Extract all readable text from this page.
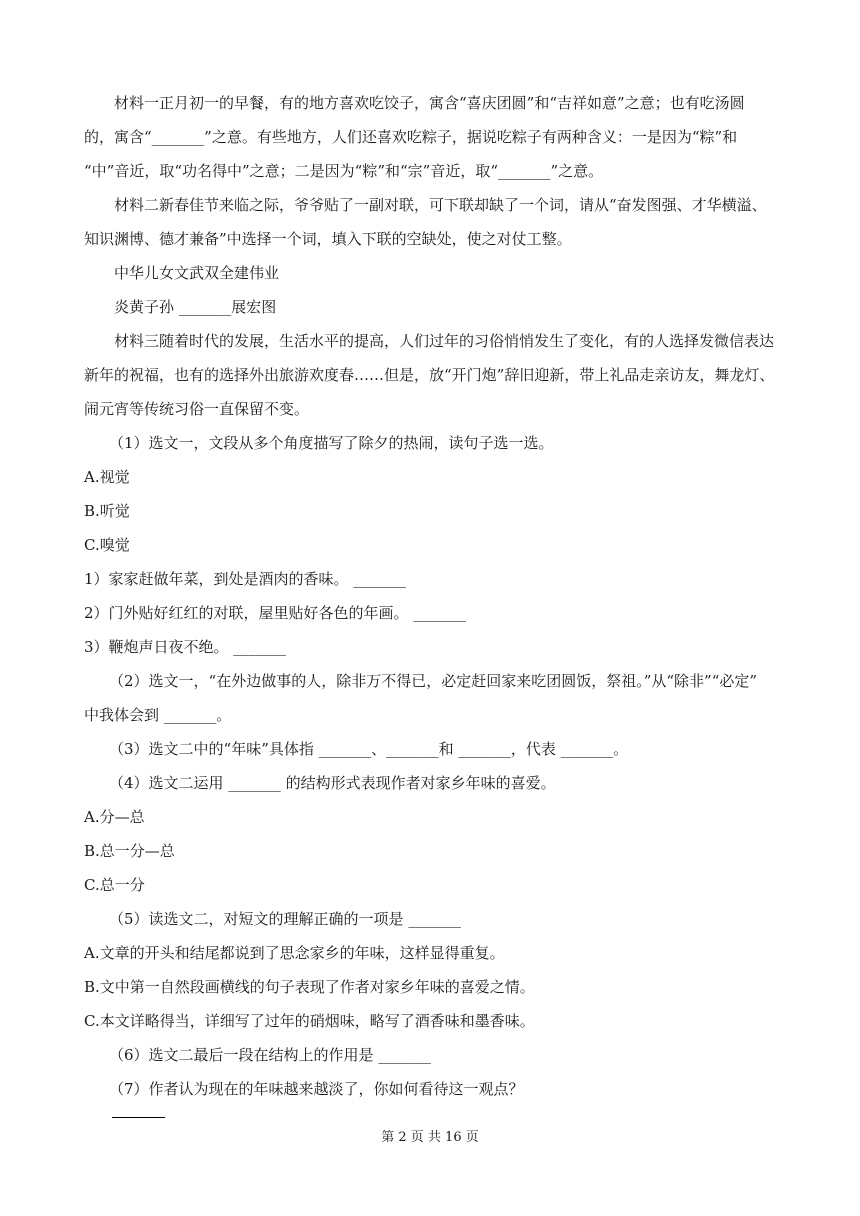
材料一正月初一的早餐，有的地方喜欢吃饺子，寓含“喜庆团圆”和“吉祥如意”之意；也有吃汤圆

的，寓含“_______”之意。有些地方，人们还喜欢吃粽子，据说吃粽子有两种含义：一是因为“粽”和

“中”音近，取“功名得中”之意；二是因为“粽”和“宗”音近，取“_______”之意。

材料二新春佳节来临之际，爷爷贴了一副对联，可下联却缺了一个词，请从“奋发图强、才华横溢、

知识渊博、德才兼备”中选择一个词，填入下联的空缺处，使之对仗工整。

中华儿女文武双全建伟业

炎黄子孙 _______展宏图

材料三随着时代的发展，生活水平的提高，人们过年的习俗悄悄发生了变化，有的人选择发微信表达

新年的祝福，也有的选择外出旅游欢度春……但是，放“开门炮”辞旧迎新，带上礼品走亲访友，舞龙灯、

闹元宵等传统习俗一直保留不变。

（1）选文一，文段从多个角度描写了除夕的热闹，读句子选一选。

A.视觉

B.听觉

C.嗅觉

1）家家赶做年菜，到处是酒肉的香味。 _______

2）门外贴好红红的对联，屋里贴好各色的年画。 _______

3）鞭炮声日夜不绝。 _______

（2）选文一，“在外边做事的人，除非万不得已，必定赶回家来吃团圆饭，祭祖。”从“除非”“必定”

中我体会到 _______。

（3）选文二中的“年味”具体指 _______、_______和 _______，代表 _______。

（4）选文二运用 _______ 的结构形式表现作者对家乡年味的喜爱。

A.分—总

B.总一分—总

C.总一分

（5）读选文二，对短文的理解正确的一项是 _______

A.文章的开头和结尾都说到了思念家乡的年味，这样显得重复。

B.文中第一自然段画横线的句子表现了作者对家乡年味的喜爱之情。

C.本文详略得当，详细写了过年的硝烟味，略写了酒香味和墨香味。

（6）选文二最后一段在结构上的作用是 _______

（7）作者认为现在的年味越来越淡了，你如何看待这一观点？

第 2 页 共 16 页
